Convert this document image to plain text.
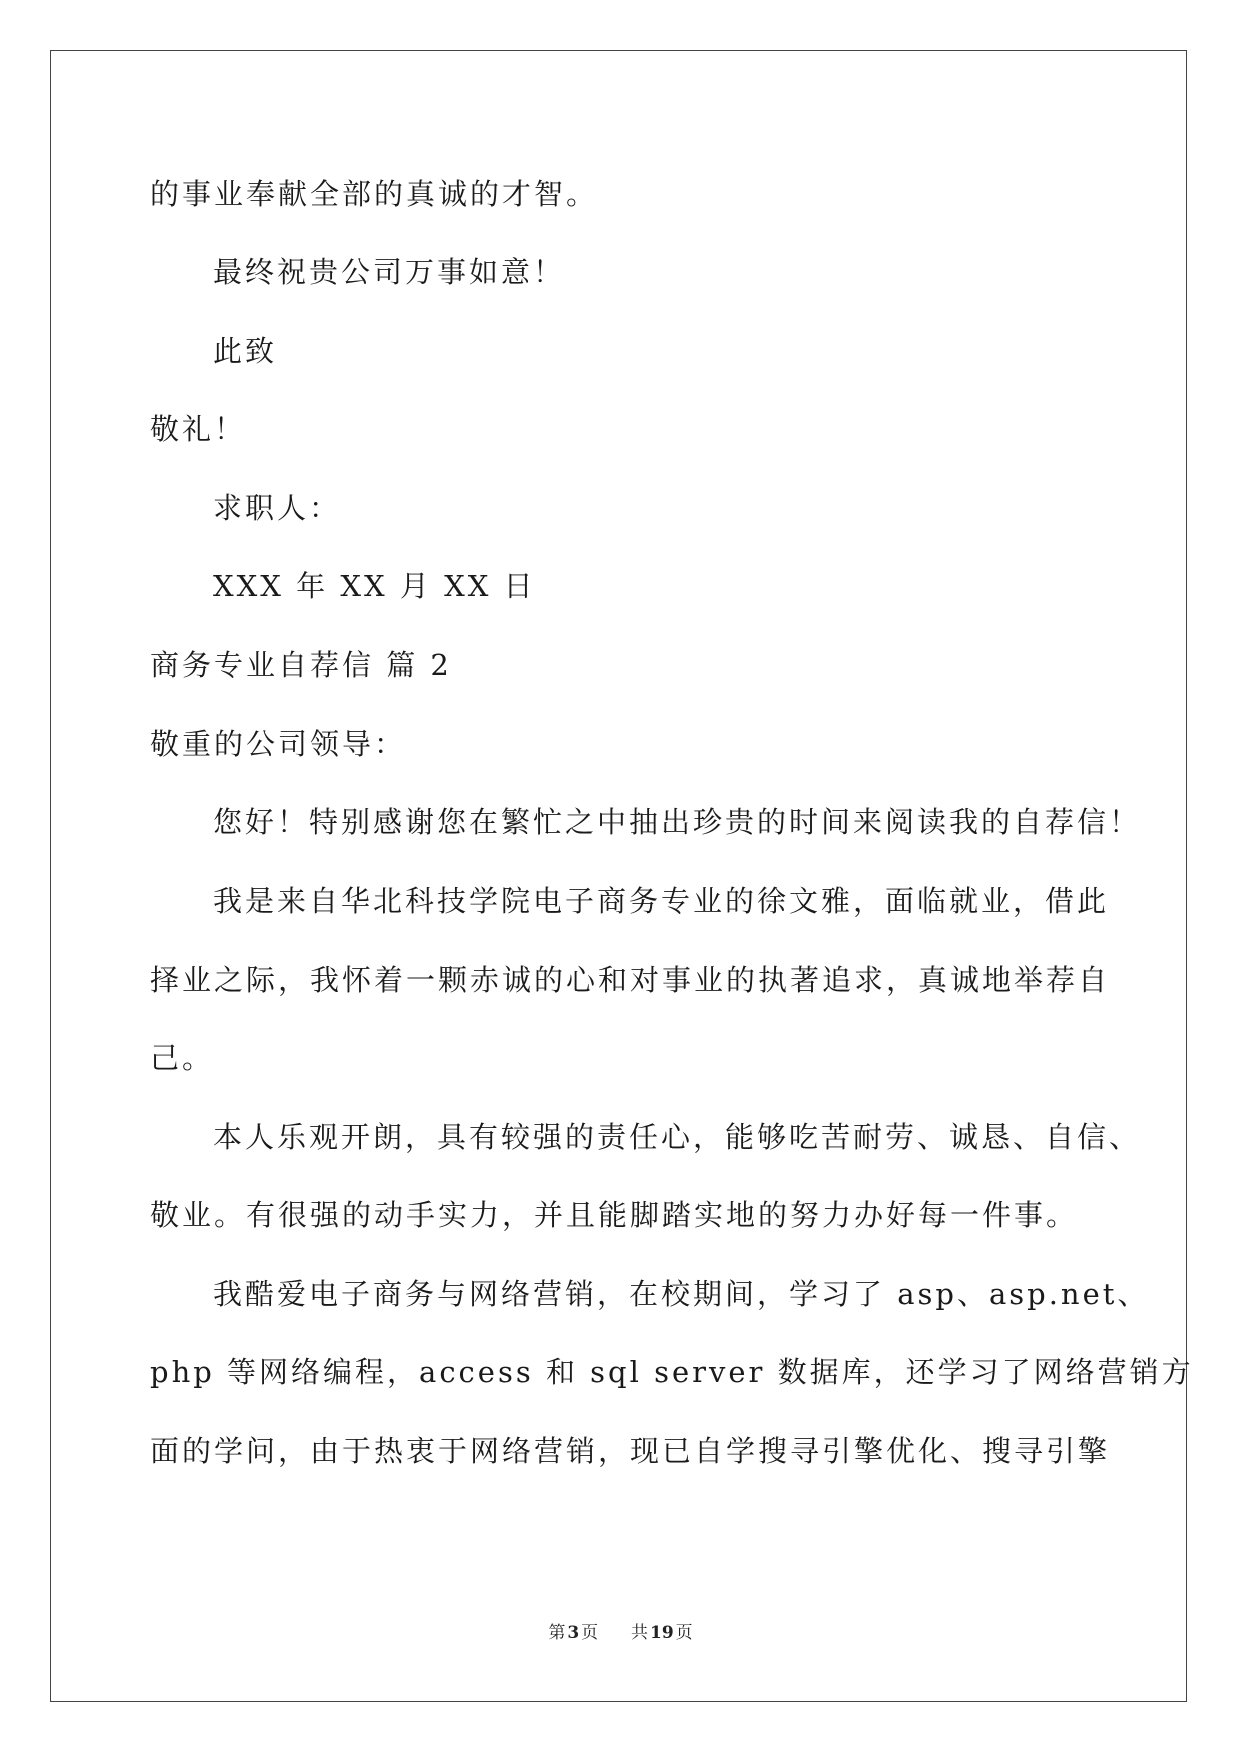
的事业奉献全部的真诚的才智。
最终祝贵公司万事如意！
此致
敬礼！
求职人：
XXX 年 XX 月 XX 日
商务专业自荐信 篇 2
敬重的公司领导：
您好！特别感谢您在繁忙之中抽出珍贵的时间来阅读我的自荐信！
我是来自华北科技学院电子商务专业的徐文雅，面临就业，借此
择业之际，我怀着一颗赤诚的心和对事业的执著追求，真诚地举荐自
己。
本人乐观开朗，具有较强的责任心，能够吃苦耐劳、诚恳、自信、
敬业。有很强的动手实力，并且能脚踏实地的努力办好每一件事。
我酷爱电子商务与网络营销，在校期间，学习了 asp、asp.net、
php 等网络编程，access 和 sql server 数据库，还学习了网络营销方
面的学问，由于热衷于网络营销，现已自学搜寻引擎优化、搜寻引擎
第 3 页 共 19 页
